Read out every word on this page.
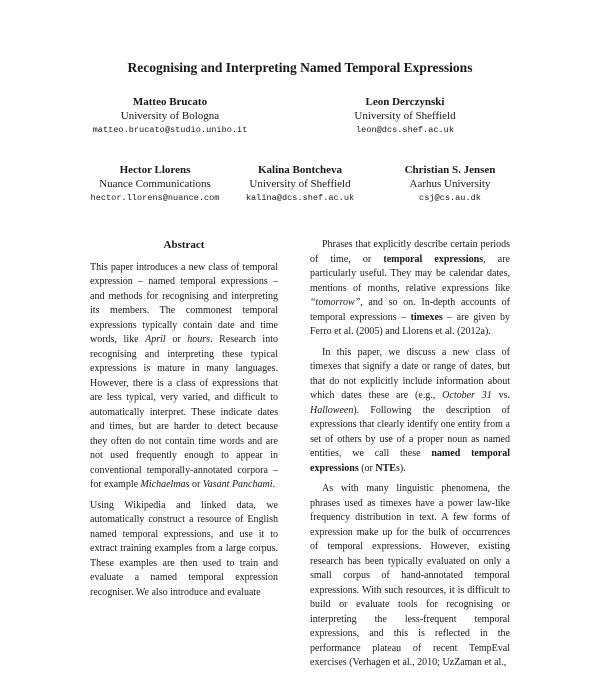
Recognising and Interpreting Named Temporal Expressions
Matteo Brucato
University of Bologna
matteo.brucato@studio.unibo.it
Leon Derczynski
University of Sheffield
leon@dcs.shef.ac.uk
Hector Llorens
Nuance Communications
hector.llorens@nuance.com
Kalina Bontcheva
University of Sheffield
kalina@dcs.shef.ac.uk
Christian S. Jensen
Aarhus University
csj@cs.au.dk
Abstract

This paper introduces a new class of temporal expression – named temporal expressions – and methods for recognising and interpreting its members. The commonest temporal expressions typically contain date and time words, like April or hours. Research into recognising and interpreting these typical expressions is mature in many languages. However, there is a class of expressions that are less typical, very varied, and difficult to automatically interpret. These indicate dates and times, but are harder to detect because they often do not contain time words and are not used frequently enough to appear in conventional temporally-annotated corpora – for example Michaelmas or Vasant Panchami.

Using Wikipedia and linked data, we automatically construct a resource of English named temporal expressions, and use it to extract training examples from a large corpus. These examples are then used to train and evaluate a named temporal expression recogniser. We also introduce and evaluate

Phrases that explicitly describe certain periods of time, or temporal expressions, are particularly useful. They may be calendar dates, mentions of months, relative expressions like “tomorrow”, and so on. In-depth accounts of temporal expressions – timexes – are given by Ferro et al. (2005) and Llorens et al. (2012a).

In this paper, we discuss a new class of timexes that signify a date or range of dates, but that do not explicitly include information about which dates these are (e.g., October 31 vs. Halloween). Following the description of expressions that clearly identify one entity from a set of others by use of a proper noun as named entities, we call these named temporal expressions (or NTEs).

As with many linguistic phenomena, the phrases used as timexes have a power law-like frequency distribution in text. A few forms of expression make up for the bulk of occurrences of temporal expressions. However, existing research has been typically evaluated on only a small corpus of hand-annotated temporal expressions. With such resources, it is difficult to build or evaluate tools for recognising or interpreting the less-frequent temporal expressions, and this is reflected in the performance plateau of recent TempEval exercises (Verhagen et al., 2010; UzZaman et al.,
